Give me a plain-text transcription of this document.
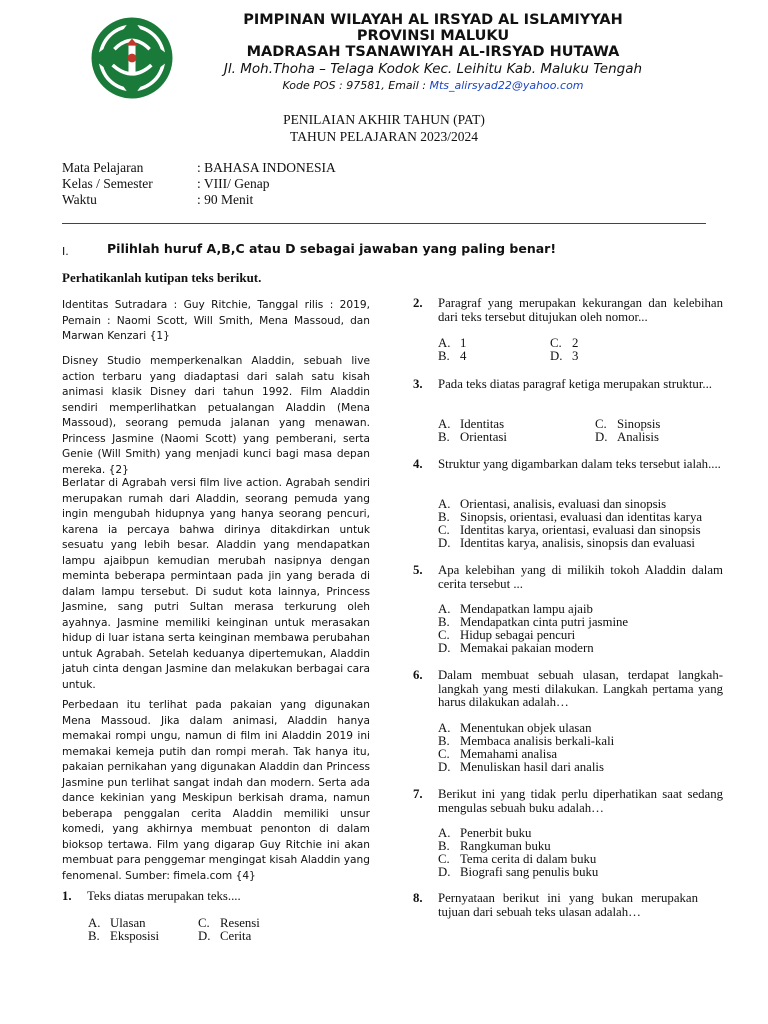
PIMPINAN WILAYAH AL IRSYAD AL ISLAMIYYAH
PROVINSI MALUKU
MADRASAH TSANAWIYAH AL-IRSYAD HUTAWA
Jl. Moh.Thoha – Telaga Kodok Kec. Leihitu Kab. Maluku Tengah
Kode POS : 97581, Email : Mts_alirsyad22@yahoo.com
PENILAIAN AKHIR TAHUN (PAT)
TAHUN PELAJARAN 2023/2024
Mata Pelajaran	: BAHASA INDONESIA
Kelas / Semester	: VIII/ Genap
Waktu	: 90 Menit
I.	Pilihlah huruf A,B,C atau D sebagai jawaban yang paling benar!
Perhatikanlah kutipan teks berikut.
Identitas Sutradara : Guy Ritchie, Tanggal rilis : 2019, Pemain : Naomi Scott, Will Smith, Mena Massoud, dan Marwan Kenzari {1}
Disney Studio memperkenalkan Aladdin, sebuah live action terbaru yang diadaptasi dari salah satu kisah animasi klasik Disney dari tahun 1992. Film Aladdin sendiri memperlihatkan petualangan Aladdin (Mena Massoud), seorang pemuda jalanan yang menawan. Princess Jasmine (Naomi Scott) yang pemberani, serta Genie (Will Smith) yang menjadi kunci bagi masa depan mereka. {2}
Berlatar di Agrabah versi film live action. Agrabah sendiri merupakan rumah dari Aladdin, seorang pemuda yang ingin mengubah hidupnya yang hanya seorang pencuri, karena ia percaya bahwa dirinya ditakdirkan untuk sesuatu yang lebih besar. Aladdin yang mendapatkan lampu ajaibpun kemudian merubah nasipnya dengan meminta beberapa permintaan pada jin yang berada di dalam lampu tersebut. Di sudut kota lainnya, Princess Jasmine, sang putri Sultan merasa terkurung oleh ayahnya. Jasmine memiliki keinginan untuk merasakan hidup di luar istana serta keinginan membawa perubahan untuk Agrabah. Setelah keduanya dipertemukan, Aladdin jatuh cinta dengan Jasmine dan melakukan berbagai cara untuk.
Perbedaan itu terlihat pada pakaian yang digunakan Mena Massoud. Jika dalam animasi, Aladdin hanya memakai rompi ungu, namun di film ini Aladdin 2019 ini memakai kemeja putih dan rompi merah. Tak hanya itu, pakaian pernikahan yang digunakan Aladdin dan Princess Jasmine pun terlihat sangat indah dan modern. Serta ada dance kekinian yang Meskipun berkisah drama, namun beberapa penggalan cerita Aladdin memiliki unsur komedi, yang akhirnya membuat penonton di dalam bioksop tertawa. Film yang digarap Guy Ritchie ini akan membuat para penggemar mengingat kisah Aladdin yang fenomenal. Sumber: fimela.com {4}
1. Teks diatas merupakan teks....
A. Ulasan	C. Resensi
B. Eksposisi	D. Cerita
2. Paragraf yang merupakan kekurangan dan kelebihan dari teks tersebut ditujukan oleh nomor...
A. 1	C. 2
B. 4	D. 3
3. Pada teks diatas paragraf ketiga merupakan struktur...
A. Identitas	C. Sinopsis
B. Orientasi	D. Analisis
4. Struktur yang digambarkan dalam teks tersebut ialah....
A. Orientasi, analisis, evaluasi dan sinopsis
B. Sinopsis, orientasi, evaluasi dan identitas karya
C. Identitas karya, orientasi, evaluasi dan sinopsis
D. Identitas karya, analisis, sinopsis dan evaluasi
5. Apa kelebihan yang di milikih tokoh Aladdin dalam cerita tersebut ...
A. Mendapatkan lampu ajaib
B. Mendapatkan cinta putri jasmine
C. Hidup sebagai pencuri
D. Memakai pakaian modern
6. Dalam membuat sebuah ulasan, terdapat langkah-langkah yang mesti dilakukan. Langkah pertama yang harus dilakukan adalah…
A. Menentukan objek ulasan
B. Membaca analisis berkali-kali
C. Memahami analisa
D. Menuliskan hasil dari analis
7. Berikut ini yang tidak perlu diperhatikan saat sedang mengulas sebuah buku adalah…
A. Penerbit buku
B. Rangkuman buku
C. Tema cerita di dalam buku
D. Biografi sang penulis buku
8. Pernyataan berikut ini yang bukan merupakan tujuan dari sebuah teks ulasan adalah…
